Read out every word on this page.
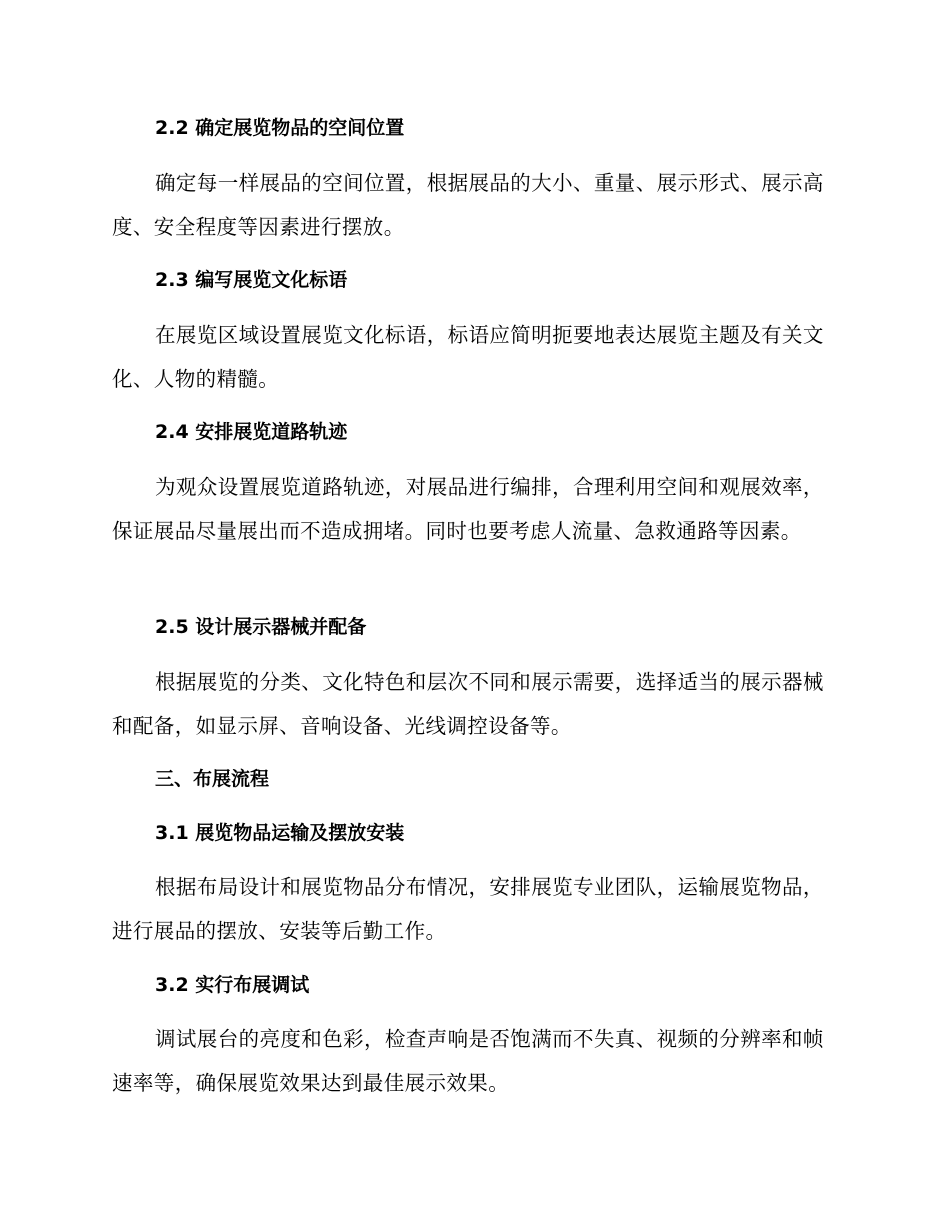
2.2 确定展览物品的空间位置
确定每一样展品的空间位置，根据展品的大小、重量、展示形式、展示高度、安全程度等因素进行摆放。
2.3 编写展览文化标语
在展览区域设置展览文化标语，标语应简明扼要地表达展览主题及有关文化、人物的精髓。
2.4 安排展览道路轨迹
为观众设置展览道路轨迹，对展品进行编排，合理利用空间和观展效率，保证展品尽量展出而不造成拥堵。同时也要考虑人流量、急救通路等因素。
2.5 设计展示器械并配备
根据展览的分类、文化特色和层次不同和展示需要，选择适当的展示器械和配备，如显示屏、音响设备、光线调控设备等。
三、布展流程
3.1 展览物品运输及摆放安装
根据布局设计和展览物品分布情况，安排展览专业团队，运输展览物品，进行展品的摆放、安装等后勤工作。
3.2 实行布展调试
调试展台的亮度和色彩，检查声响是否饱满而不失真、视频的分辨率和帧速率等，确保展览效果达到最佳展示效果。
